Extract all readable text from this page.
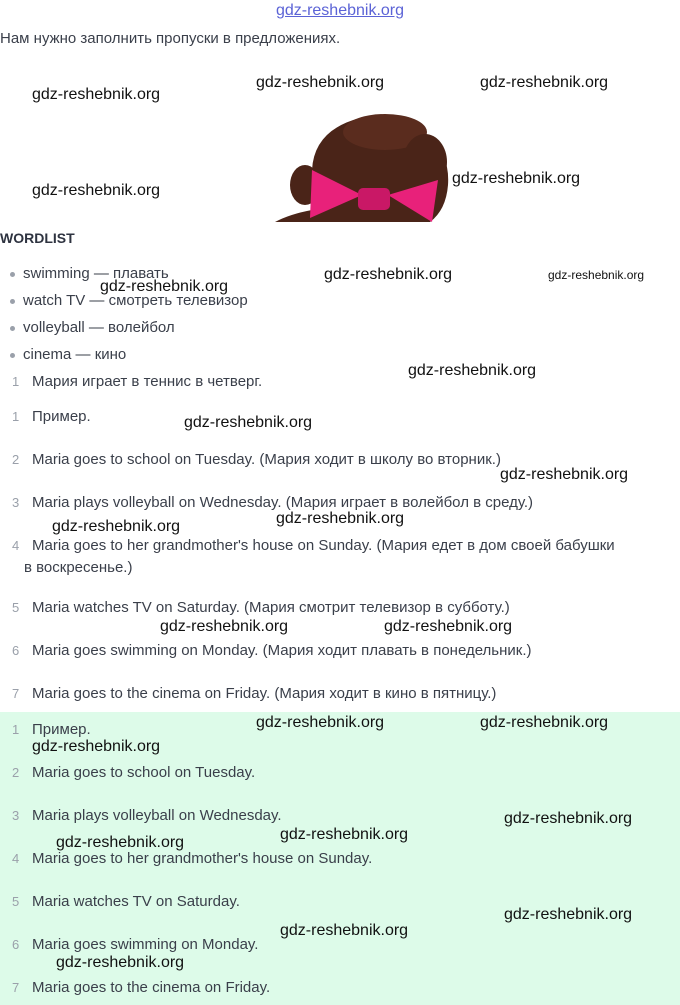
gdz-reshebnik.org
Нам нужно заполнить пропуски в предложениях.
WORDLIST
swimming — плавать
watch TV — смотреть телевизор
volleyball — волейбол
cinema — кино
1 Мария играет в теннис в четверг.
1 Пример.
2 Maria goes to school on Tuesday. (Мария ходит в школу во вторник.)
3 Maria plays volleyball on Wednesday. (Мария играет в волейбол в среду.)
4 Maria goes to her grandmother's house on Sunday. (Мария едет в дом своей бабушки
в воскресенье.)
5 Maria watches TV on Saturday. (Мария смотрит телевизор в субботу.)
6 Maria goes swimming on Monday. (Мария ходит плавать в понедельник.)
7 Maria goes to the cinema on Friday. (Мария ходит в кино в пятницу.)
1 Пример.
2 Maria goes to school on Tuesday.
3 Maria plays volleyball on Wednesday.
4 Maria goes to her grandmother's house on Sunday.
5 Maria watches TV on Saturday.
6 Maria goes swimming on Monday.
7 Maria goes to the cinema on Friday.
gdz-reshebnik.org
gdz-reshebnik.org	gdz-reshebnik.org
gdz-reshebnik.org
gdz-reshebnik.org
gdz-reshebnik.org
gdz-reshebnik.org	gdz-reshebnik.org
gdz-reshebnik.org
gdz-reshebnik.org
gdz-reshebnik.org
gdz-reshebnik.org
gdz-reshebnik.org
gdz-reshebnik.org	gdz-reshebnik.org
gdz-reshebnik.org	gdz-reshebnik.org
gdz-reshebnik.org
gdz-reshebnik.org
gdz-reshebnik.org
gdz-reshebnik.org
gdz-reshebnik.org
gdz-reshebnik.org
gdz-reshebnik.org
